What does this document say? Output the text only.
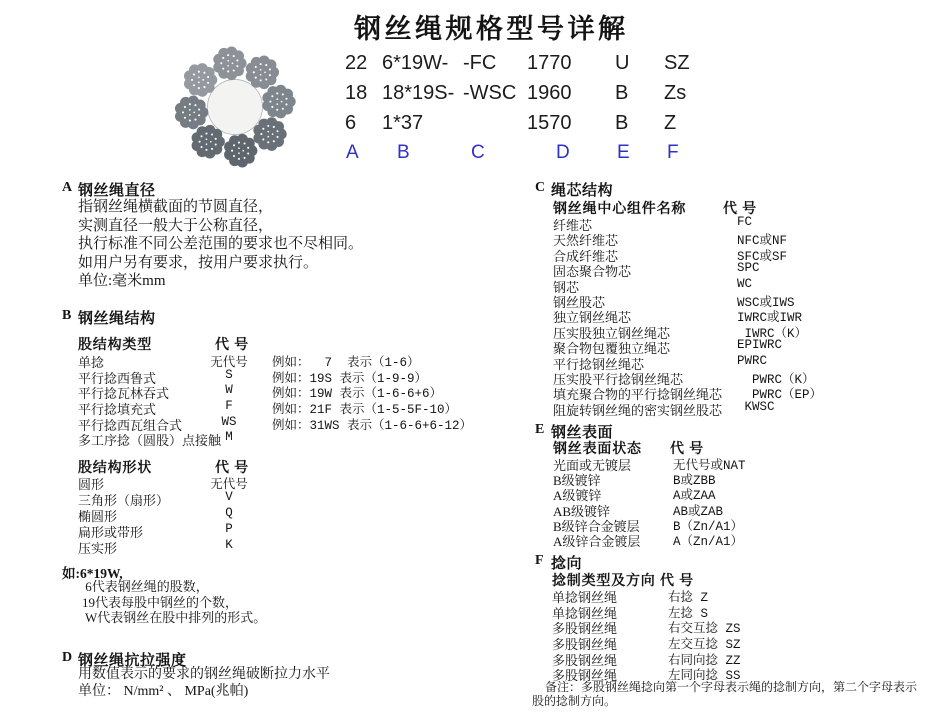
钢丝绳规格型号详解
22 6*19W- -FC 1770 U SZ
18 18*19S- -WSC 1960 B Zs
6 1*37	1570 B Z
A B	C	D E F
A 钢丝绳直径
指钢丝绳横截面的节圆直径，
实测直径一般大于公称直径，
执行标准不同公差范围的要求也不尽相同。
如用户另有要求，按用户要求执行。
单位:毫米mm
B 钢丝绳结构
股结构类型	代 号
单捻	无代号	例如：  7  表示（1-6）
平行捻西鲁式	S	例如：19S 表示（1-9-9）
平行捻瓦林吞式	W	例如：19W 表示（1-6-6+6）
平行捻填充式	F	例如：21F 表示（1-5-5F-10）
平行捻西瓦组合式	WS	例如：31WS 表示（1-6-6+6-12）
多工序捻（圆股）点接触 M
股结构形状	代 号
圆形	无代号
三角形（扇形）	V
椭圆形	Q
扁形或带形	P
压实形	K
如:6*19W,
6代表钢丝绳的股数，
19代表每股中钢丝的个数，
W代表钢丝在股中排列的形式。
D 钢丝绳抗拉强度
用数值表示的要求的钢丝绳破断拉力水平
单位： N/mm² 、 MPa(兆帕)
C 绳芯结构
钢丝绳中心组件名称	代 号
纤维芯	FC
天然纤维芯	NFC或NF
合成纤维芯	SFC或SF
固态聚合物芯	SPC
钢芯	WC
钢丝股芯	WSC或IWS
独立钢丝绳芯	IWRC或IWR
压实股独立钢丝绳芯	IWRC（K）
聚合物包覆独立绳芯	EPIWRC
平行捻钢丝绳芯	PWRC
压实股平行捻钢丝绳芯	PWRC（K）
填充聚合物的平行捻钢丝绳芯 PWRC（EP）
阻旋转钢丝绳的密实钢丝股芯 KWSC
E 钢丝表面
钢丝表面状态 代 号
光面或无镀层	无代号或NAT
B级镀锌	B或ZBB
A级镀锌	A或ZAA
AB级镀锌	AB或ZAB
B级锌合金镀层	B（Zn/A1）
A级锌合金镀层	A（Zn/A1）
F 捻向
捻制类型及方向 代 号
单捻钢丝绳	右捻 Z
单捻钢丝绳	左捻 S
多股钢丝绳	右交互捻 ZS
多股钢丝绳	左交互捻 SZ
多股钢丝绳	右同向捻 ZZ
多股钢丝绳	左同向捻 SS
备注：多股钢丝绳捻向第一个字母表示绳的捻制方向，第二个字母表示
股的捻制方向。
